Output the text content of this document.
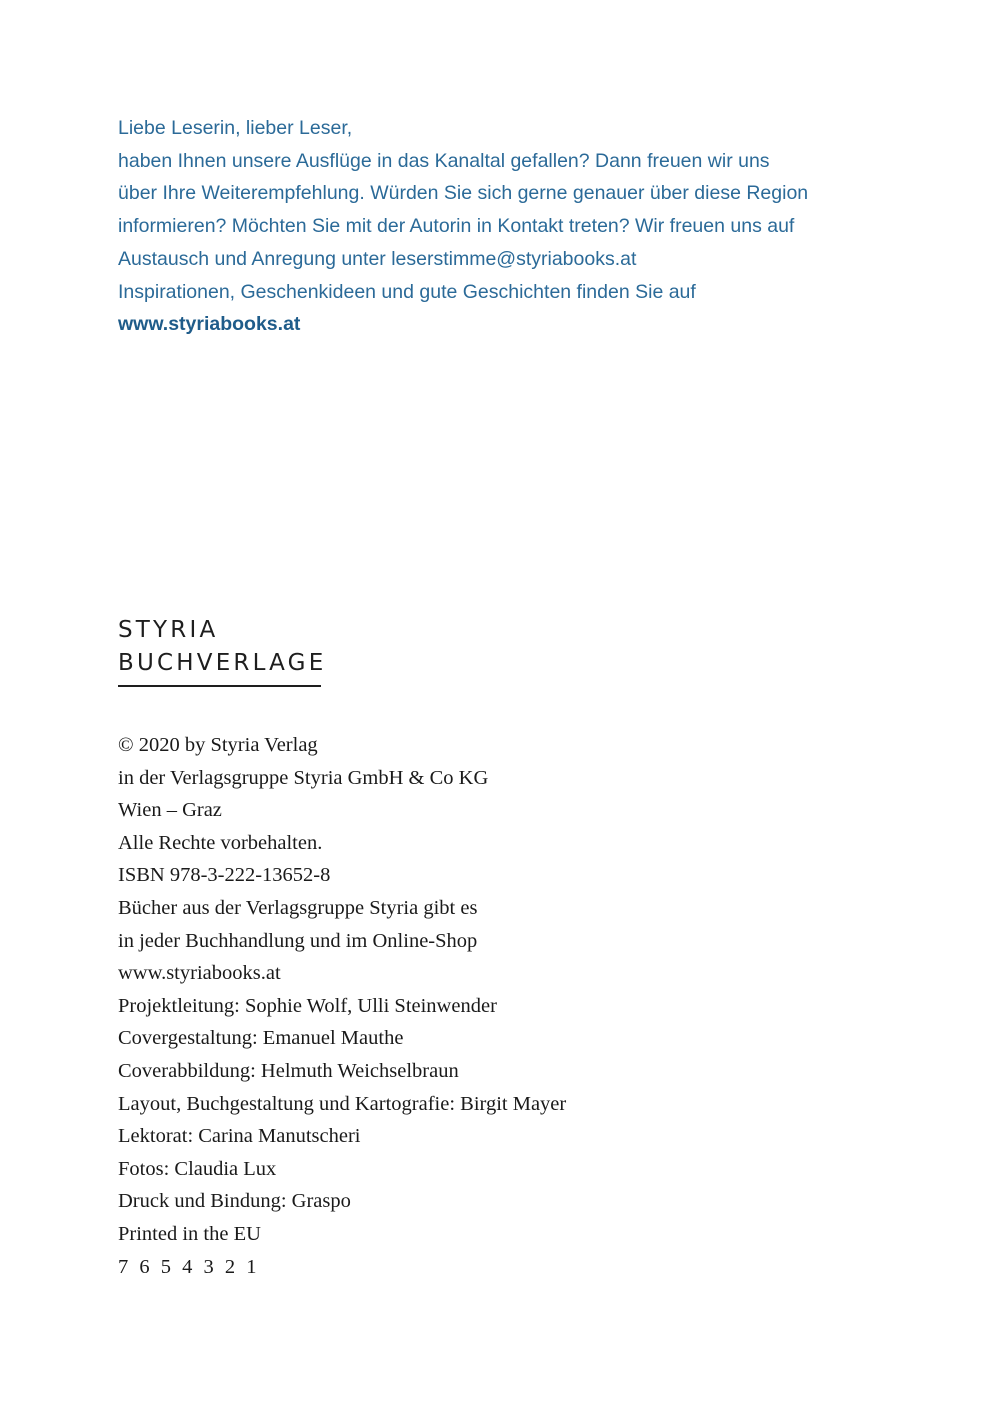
Liebe Leserin, lieber Leser,
haben Ihnen unsere Ausflüge in das Kanaltal gefallen? Dann freuen wir uns
über Ihre Weiterempfehlung. Würden Sie sich gerne genauer über diese Region
informieren? Möchten Sie mit der Autorin in Kontakt treten? Wir freuen uns auf
Austausch und Anregung unter leserstimme@styriabooks.at
Inspirationen, Geschenkideen und gute Geschichten finden Sie auf
www.styriabooks.at
STYRIA
BUCHVERLAGE
© 2020 by Styria Verlag
in der Verlagsgruppe Styria GmbH & Co KG
Wien – Graz
Alle Rechte vorbehalten.
ISBN 978-3-222-13652-8
Bücher aus der Verlagsgruppe Styria gibt es
in jeder Buchhandlung und im Online-Shop
www.styriabooks.at
Projektleitung: Sophie Wolf, Ulli Steinwender
Covergestaltung: Emanuel Mauthe
Coverabbildung: Helmuth Weichselbraun
Layout, Buchgestaltung und Kartografie: Birgit Mayer
Lektorat: Carina Manutscheri
Fotos: Claudia Lux
Druck und Bindung: Graspo
Printed in the EU
7 6 5 4 3 2 1
